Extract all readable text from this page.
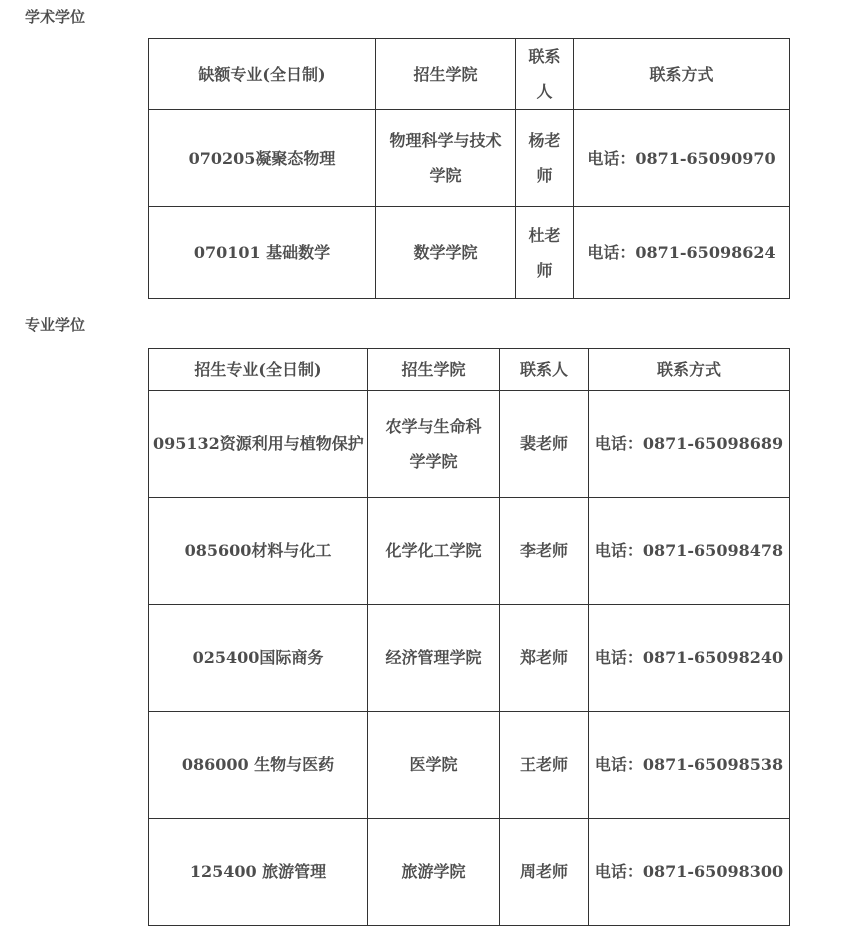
学术学位
缺额专业(全日制)	招生学院	联系人	联系方式
070205凝聚态物理	物理科学与技术学院	杨老师	电话：0871-65090970
070101 基础数学	数学学院	杜老师	电话：0871-65098624
专业学位
招生专业(全日制)	招生学院	联系人	联系方式
095132资源利用与植物保护	农学与生命科学学院	裴老师	电话：0871-65098689
085600材料与化工	化学化工学院	李老师	电话：0871-65098478
025400国际商务	经济管理学院	郑老师	电话：0871-65098240
086000 生物与医药	医学院	王老师	电话：0871-65098538
125400 旅游管理	旅游学院	周老师	电话：0871-65098300
